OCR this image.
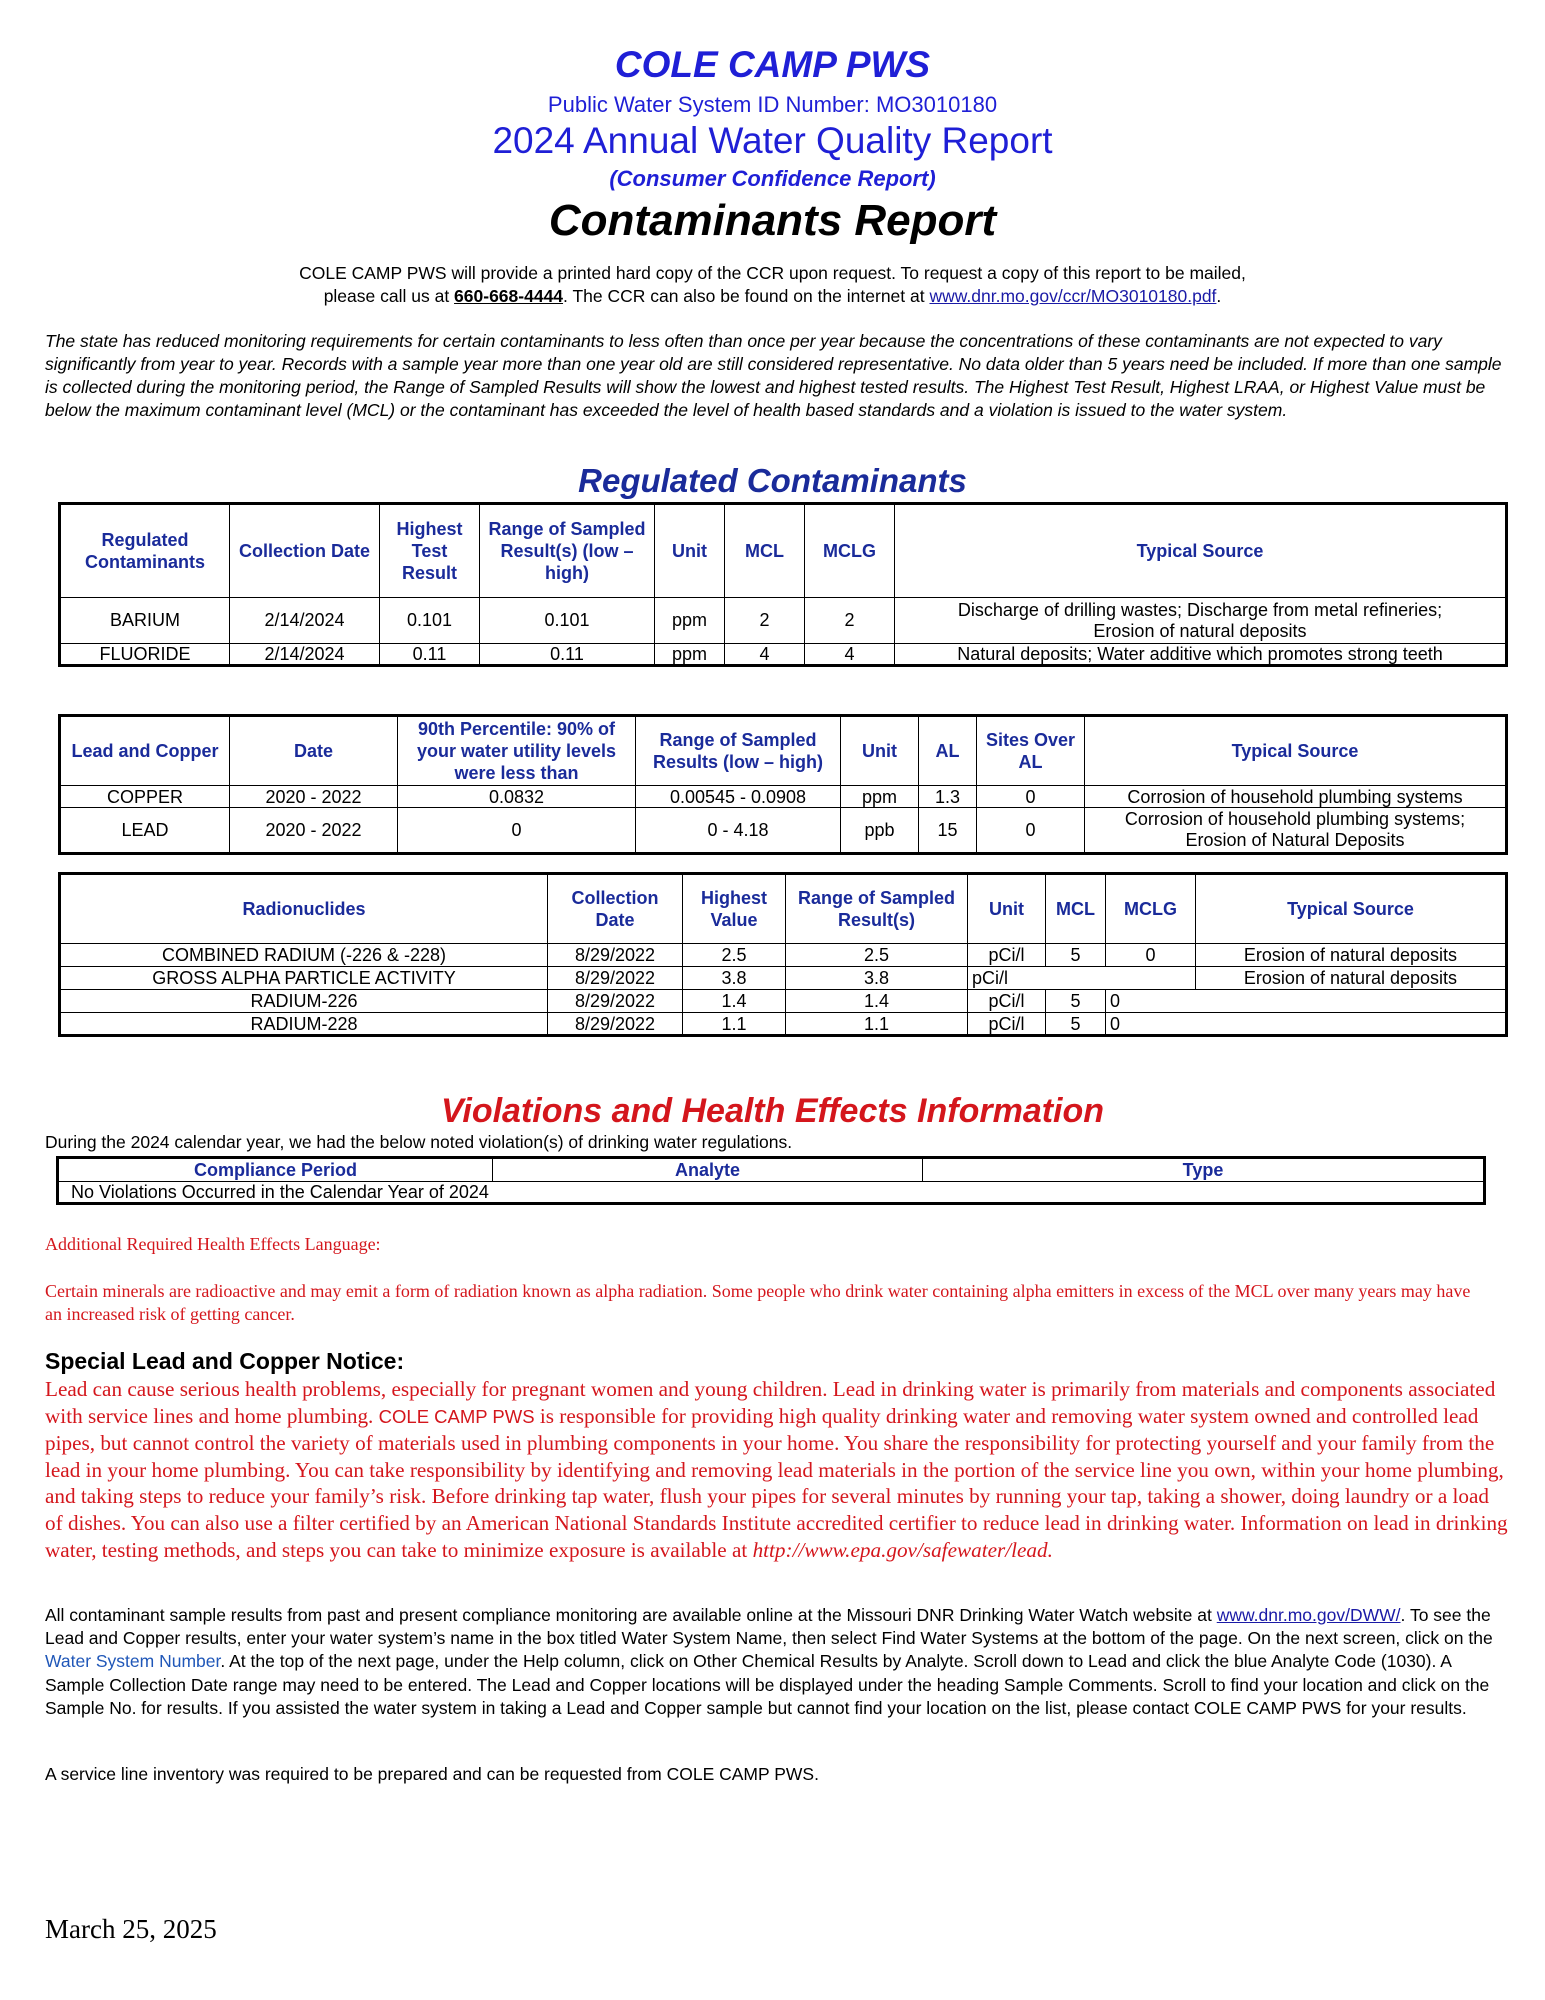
COLE CAMP PWS
Public Water System ID Number: MO3010180
2024 Annual Water Quality Report
(Consumer Confidence Report)
Contaminants Report
COLE CAMP PWS will provide a printed hard copy of the CCR upon request. To request a copy of this report to be mailed,
please call us at 660-668-4444. The CCR can also be found on the internet at www.dnr.mo.gov/ccr/MO3010180.pdf.
The state has reduced monitoring requirements for certain contaminants to less often than once per year because the concentrations of these contaminants are not expected to vary significantly from year to year. Records with a sample year more than one year old are still considered representative. No data older than 5 years need be included. If more than one sample is collected during the monitoring period, the Range of Sampled Results will show the lowest and highest tested results. The Highest Test Result, Highest LRAA, or Highest Value must be below the maximum contaminant level (MCL) or the contaminant has exceeded the level of health based standards and a violation is issued to the water system.
Regulated Contaminants
Regulated Contaminants	Collection Date	Highest Test Result	Range of Sampled Result(s) (low – high)	Unit	MCL	MCLG	Typical Source
BARIUM	2/14/2024	0.101	0.101	ppm	2	2	Discharge of drilling wastes; Discharge from metal refineries; Erosion of natural deposits
FLUORIDE	2/14/2024	0.11	0.11	ppm	4	4	Natural deposits; Water additive which promotes strong teeth
Lead and Copper	Date	90th Percentile: 90% of your water utility levels were less than	Range of Sampled Results (low – high)	Unit	AL	Sites Over AL	Typical Source
COPPER	2020 - 2022	0.0832	0.00545 - 0.0908	ppm	1.3	0	Corrosion of household plumbing systems
LEAD	2020 - 2022	0	0 - 4.18	ppb	15	0	Corrosion of household plumbing systems; Erosion of Natural Deposits
Radionuclides	Collection Date	Highest Value	Range of Sampled Result(s)	Unit	MCL	MCLG	Typical Source
COMBINED RADIUM (-226 & -228)	8/29/2022	2.5	2.5	pCi/l	5	0	Erosion of natural deposits
GROSS ALPHA PARTICLE ACTIVITY	8/29/2022	3.8	3.8	pCi/l			Erosion of natural deposits
RADIUM-226	8/29/2022	1.4	1.4	pCi/l	5	0	
RADIUM-228	8/29/2022	1.1	1.1	pCi/l	5	0	
Violations and Health Effects Information
During the 2024 calendar year, we had the below noted violation(s) of drinking water regulations.
Compliance Period	Analyte	Type
No Violations Occurred in the Calendar Year of 2024
Additional Required Health Effects Language:
Certain minerals are radioactive and may emit a form of radiation known as alpha radiation. Some people who drink water containing alpha emitters in excess of the MCL over many years may have an increased risk of getting cancer.
Special Lead and Copper Notice:
Lead can cause serious health problems, especially for pregnant women and young children. Lead in drinking water is primarily from materials and components associated with service lines and home plumbing. COLE CAMP PWS is responsible for providing high quality drinking water and removing water system owned and controlled lead pipes, but cannot control the variety of materials used in plumbing components in your home. You share the responsibility for protecting yourself and your family from the lead in your home plumbing. You can take responsibility by identifying and removing lead materials in the portion of the service line you own, within your home plumbing, and taking steps to reduce your family’s risk. Before drinking tap water, flush your pipes for several minutes by running your tap, taking a shower, doing laundry or a load of dishes. You can also use a filter certified by an American National Standards Institute accredited certifier to reduce lead in drinking water. Information on lead in drinking water, testing methods, and steps you can take to minimize exposure is available at http://www.epa.gov/safewater/lead.
All contaminant sample results from past and present compliance monitoring are available online at the Missouri DNR Drinking Water Watch website at www.dnr.mo.gov/DWW/. To see the Lead and Copper results, enter your water system’s name in the box titled Water System Name, then select Find Water Systems at the bottom of the page. On the next screen, click on the Water System Number. At the top of the next page, under the Help column, click on Other Chemical Results by Analyte. Scroll down to Lead and click the blue Analyte Code (1030). A Sample Collection Date range may need to be entered. The Lead and Copper locations will be displayed under the heading Sample Comments. Scroll to find your location and click on the Sample No. for results. If you assisted the water system in taking a Lead and Copper sample but cannot find your location on the list, please contact COLE CAMP PWS for your results.
A service line inventory was required to be prepared and can be requested from COLE CAMP PWS.
March 25, 2025
